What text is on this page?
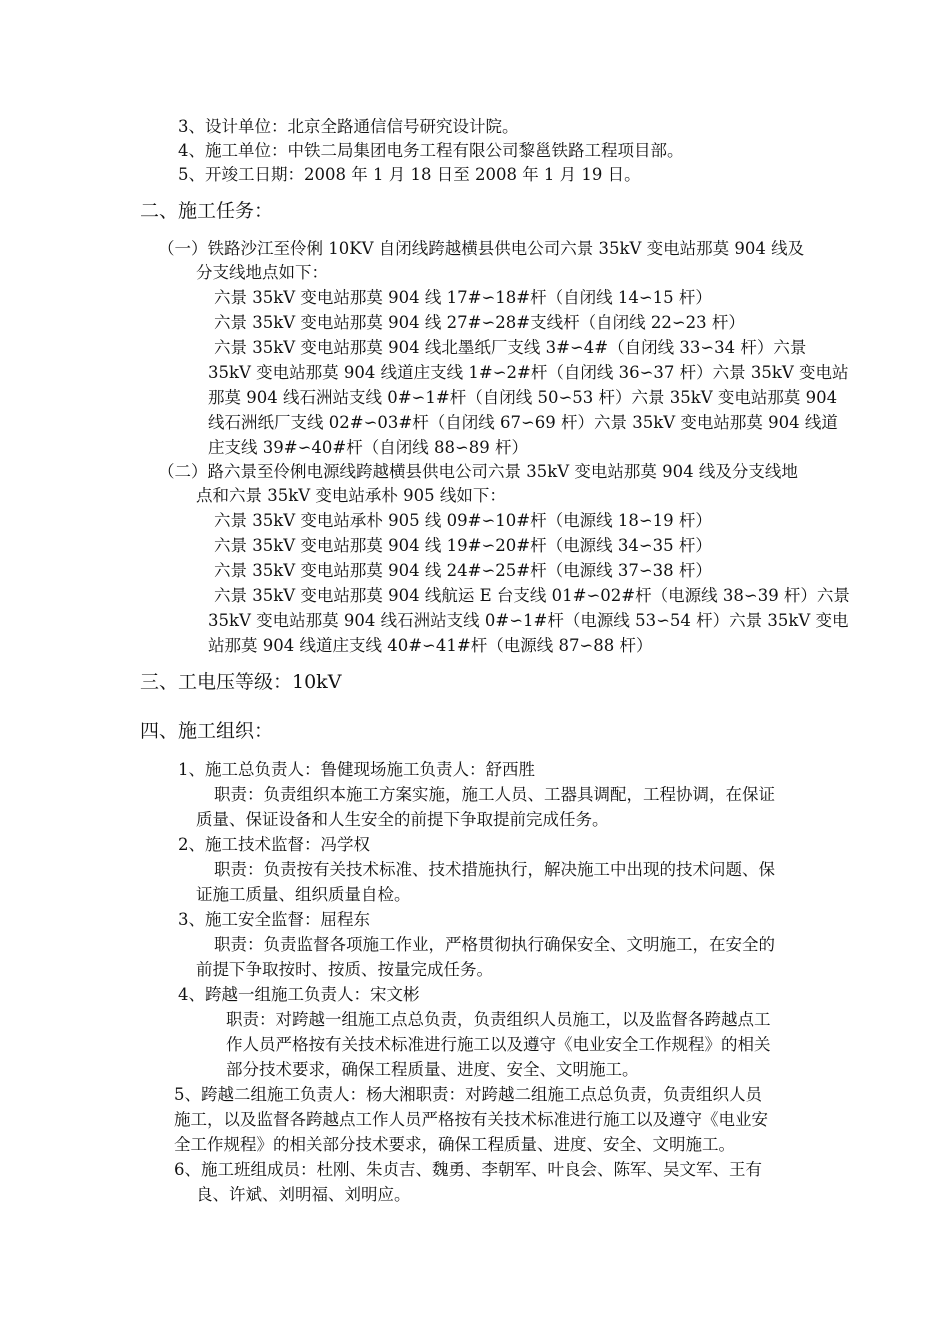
3、设计单位：北京全路通信信号研究设计院。

4、施工单位：中铁二局集团电务工程有限公司黎邕铁路工程项目部。

5、开竣工日期：2008 年 1 月 18 日至 2008 年 1 月 19 日。

二、施工任务：

（一）铁路沙江至伶俐 10KV 自闭线跨越横县供电公司六景 35kV 变电站那莫 904 线及

分支线地点如下：

六景 35kV 变电站那莫 904 线 17#∽18#杆（自闭线 14∽15 杆）

六景 35kV 变电站那莫 904 线 27#∽28#支线杆（自闭线 22∽23 杆）

六景 35kV 变电站那莫 904 线北墨纸厂支线 3#∽4#（自闭线 33∽34 杆）六景

35kV 变电站那莫 904 线道庄支线 1#∽2#杆（自闭线 36∽37 杆）六景 35kV 变电站

那莫 904 线石洲站支线 0#∽1#杆（自闭线 50∽53 杆）六景 35kV 变电站那莫 904

线石洲纸厂支线 02#∽03#杆（自闭线 67∽69 杆）六景 35kV 变电站那莫 904 线道

庄支线 39#∽40#杆（自闭线 88∽89 杆）

（二）路六景至伶俐电源线跨越横县供电公司六景 35kV 变电站那莫 904 线及分支线地

点和六景 35kV 变电站承朴 905 线如下：

六景 35kV 变电站承朴 905 线 09#∽10#杆（电源线 18∽19 杆）

六景 35kV 变电站那莫 904 线 19#∽20#杆（电源线 34∽35 杆）

六景 35kV 变电站那莫 904 线 24#∽25#杆（电源线 37∽38 杆）

六景 35kV 变电站那莫 904 线航运 E 台支线 01#∽02#杆（电源线 38∽39 杆）六景

35kV 变电站那莫 904 线石洲站支线 0#∽1#杆（电源线 53∽54 杆）六景 35kV 变电

站那莫 904 线道庄支线 40#∽41#杆（电源线 87∽88 杆）

三、工电压等级：10kV

四、施工组织：

1、施工总负责人：鲁健现场施工负责人：舒西胜

职责：负责组织本施工方案实施，施工人员、工器具调配，工程协调，在保证

质量、保证设备和人生安全的前提下争取提前完成任务。

2、施工技术监督：冯学权

职责：负责按有关技术标准、技术措施执行，解决施工中出现的技术问题、保

证施工质量、组织质量自检。

3、施工安全监督：屈程东

职责：负责监督各项施工作业，严格贯彻执行确保安全、文明施工，在安全的

前提下争取按时、按质、按量完成任务。

4、跨越一组施工负责人：宋文彬

职责：对跨越一组施工点总负责，负责组织人员施工，以及监督各跨越点工

作人员严格按有关技术标准进行施工以及遵守《电业安全工作规程》的相关

部分技术要求，确保工程质量、进度、安全、文明施工。

5、跨越二组施工负责人：杨大湘职责：对跨越二组施工点总负责，负责组织人员

施工，以及监督各跨越点工作人员严格按有关技术标准进行施工以及遵守《电业安

全工作规程》的相关部分技术要求，确保工程质量、进度、安全、文明施工。

6、施工班组成员：杜刚、朱贞吉、魏勇、李朝军、叶良会、陈军、吴文军、王有

良、许斌、刘明福、刘明应。
